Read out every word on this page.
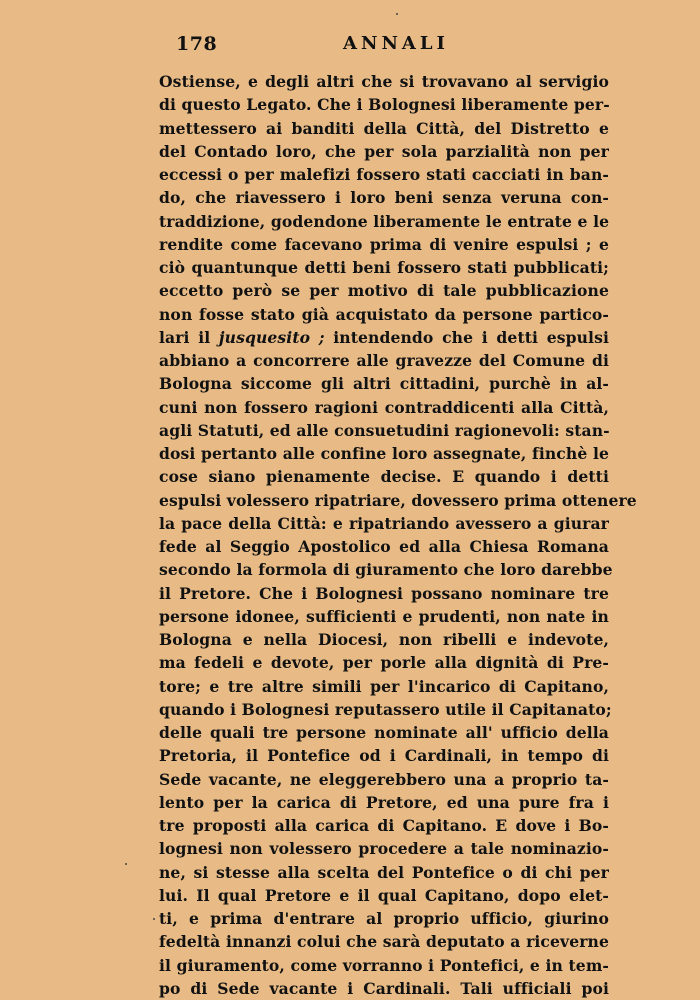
178	ANNALI
Ostiense, e degli altri che si trovavano al servigio
di questo Legato. Che i Bolognesi liberamente per-
mettessero ai banditi della Città, del Distretto e
del Contado loro, che per sola parzialità non per
eccessi o per malefizi fossero stati cacciati in ban-
do, che riavessero i loro beni senza veruna con-
traddizione, godendone liberamente le entrate e le
rendite come facevano prima di venire espulsi ; e
ciò quantunque detti beni fossero stati pubblicati;
eccetto però se per motivo di tale pubblicazione
non fosse stato già acquistato da persone partico-
lari il jusquesito ; intendendo che i detti espulsi
abbiano a concorrere alle gravezze del Comune di
Bologna siccome gli altri cittadini, purchè in al-
cuni non fossero ragioni contraddicenti alla Città,
agli Statuti, ed alle consuetudini ragionevoli: stan-
dosi pertanto alle confine loro assegnate, finchè le
cose siano pienamente decise. E quando i detti
espulsi volessero ripatriare, dovessero prima ottenere
la pace della Città: e ripatriando avessero a giurar
fede al Seggio Apostolico ed alla Chiesa Romana
secondo la formola di giuramento che loro darebbe
il Pretore. Che i Bolognesi possano nominare tre
persone idonee, sufficienti e prudenti, non nate in
Bologna e nella Diocesi, non ribelli e indevote,
ma fedeli e devote, per porle alla dignità di Pre-
tore; e tre altre simili per l'incarico di Capitano,
quando i Bolognesi reputassero utile il Capitanato;
delle quali tre persone nominate all' ufficio della
Pretoria, il Pontefice od i Cardinali, in tempo di
Sede vacante, ne eleggerebbero una a proprio ta-
lento per la carica di Pretore, ed una pure fra i
tre proposti alla carica di Capitano. E dove i Bo-
lognesi non volessero procedere a tale nominazio-
ne, si stesse alla scelta del Pontefice o di chi per
lui. Il qual Pretore e il qual Capitano, dopo elet-
ti, e prima d'entrare al proprio ufficio, giurino
fedeltà innanzi colui che sarà deputato a riceverne
il giuramento, come vorranno i Pontefici, e in tem-
po di Sede vacante i Cardinali. Tali ufficiali poi
